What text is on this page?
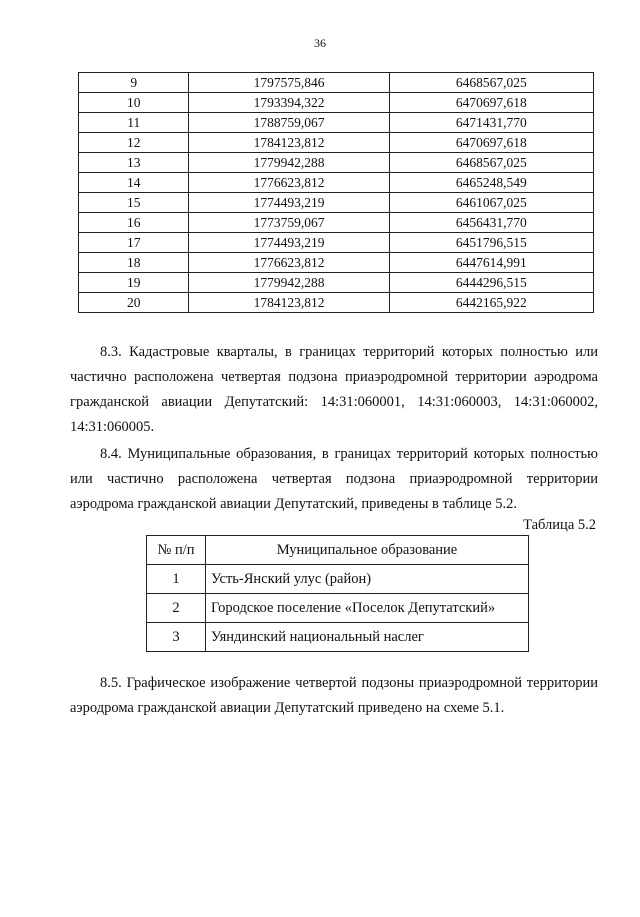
36
9	1797575,846	6468567,025
10	1793394,322	6470697,618
11	1788759,067	6471431,770
12	1784123,812	6470697,618
13	1779942,288	6468567,025
14	1776623,812	6465248,549
15	1774493,219	6461067,025
16	1773759,067	6456431,770
17	1774493,219	6451796,515
18	1776623,812	6447614,991
19	1779942,288	6444296,515
20	1784123,812	6442165,922

8.3. Кадастровые кварталы, в границах территорий которых полностью или частично расположена четвертая подзона приаэродромной территории аэродрома гражданской авиации Депутатский: 14:31:060001, 14:31:060003, 14:31:060002, 14:31:060005.

8.4. Муниципальные образования, в границах территорий которых полностью или частично расположена четвертая подзона приаэродромной территории аэродрома гражданской авиации Депутатский, приведены в таблице 5.2.

Таблица 5.2
№ п/п	Муниципальное образование
1	Усть-Янский улус (район)
2	Городское поселение «Поселок Депутатский»
3	Уяндинский национальный наслег

8.5. Графическое изображение четвертой подзоны приаэродромной территории аэродрома гражданской авиации Депутатский приведено на схеме 5.1.
